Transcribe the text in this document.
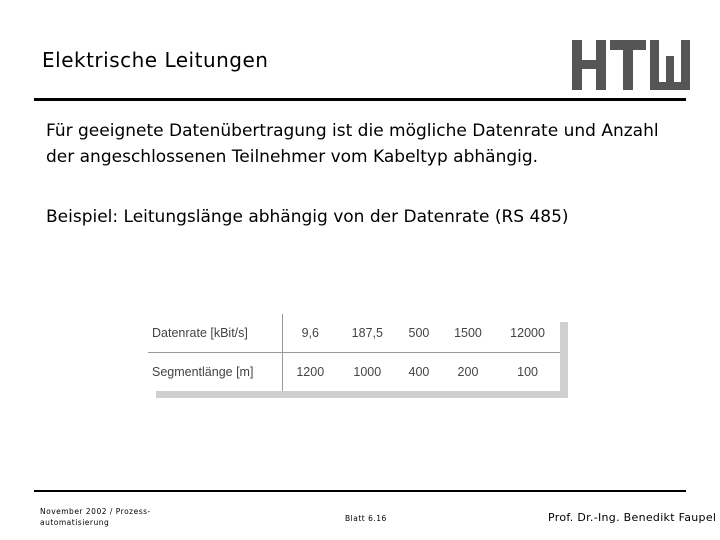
Elektrische Leitungen
Für geeignete Datenübertragung ist die mögliche Datenrate und Anzahl
der angeschlossenen Teilnehmer vom Kabeltyp abhängig.
Beispiel: Leitungslänge abhängig von der Datenrate (RS 485)
Datenrate [kBit/s]	9,6	187,5	500	1500	12000
Segmentlänge [m]	1200	1000	400	200	100
November 2002 / Prozess-
automatisierung	Blatt 6.16	Prof. Dr.-Ing. Benedikt Faupel
